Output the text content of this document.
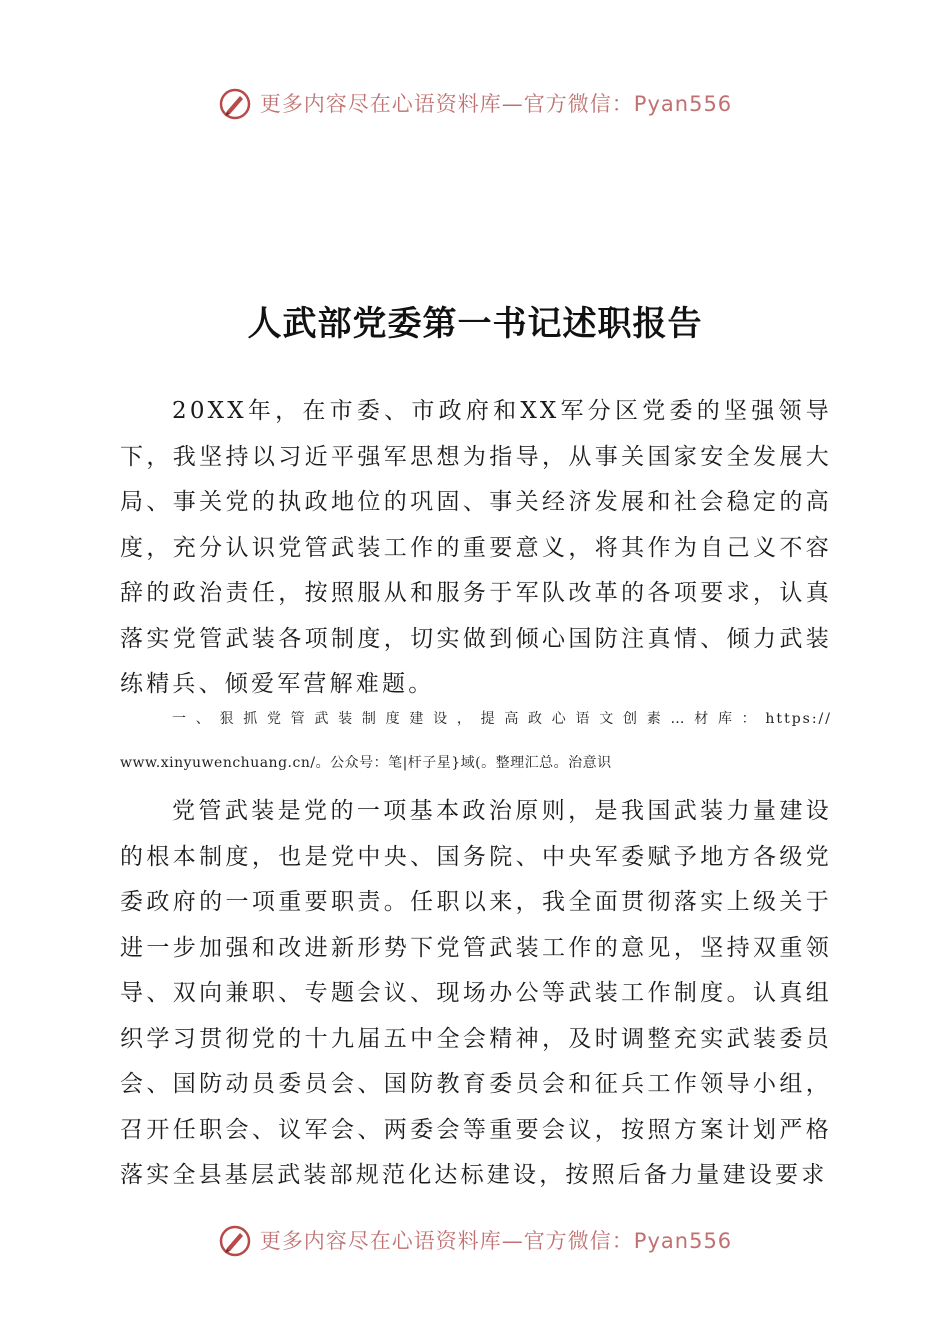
更多内容尽在心语资料库—官方微信：Pyan556
人武部党委第一书记述职报告

20XX年，在市委、市政府和XX军分区党委的坚强领导下，我坚持以习近平强军思想为指导，从事关国家安全发展大局、事关党的执政地位的巩固、事关经济发展和社会稳定的高度，充分认识党管武装工作的重要意义，将其作为自己义不容辞的政治责任，按照服从和服务于军队改革的各项要求，认真落实党管武装各项制度，切实做到倾心国防注真情、倾力武装练精兵、倾爱军营解难题。

一、狠抓党管武装制度建设，提高政心语文创素…材库：https://

www.xinyuwenchuang.cn/。公众号：笔|杆子星}域(。整理汇总。治意识

党管武装是党的一项基本政治原则，是我国武装力量建设的根本制度，也是党中央、国务院、中央军委赋予地方各级党委政府的一项重要职责。任职以来，我全面贯彻落实上级关于进一步加强和改进新形势下党管武装工作的意见，坚持双重领导、双向兼职、专题会议、现场办公等武装工作制度。认真组织学习贯彻党的十九届五中全会精神，及时调整充实武装委员会、国防动员委员会、国防教育委员会和征兵工作领导小组，召开任职会、议军会、两委会等重要会议，按照方案计划严格落实全县基层武装部规范化达标建设，按照后备力量建设要求

更多内容尽在心语资料库—官方微信：Pyan556
